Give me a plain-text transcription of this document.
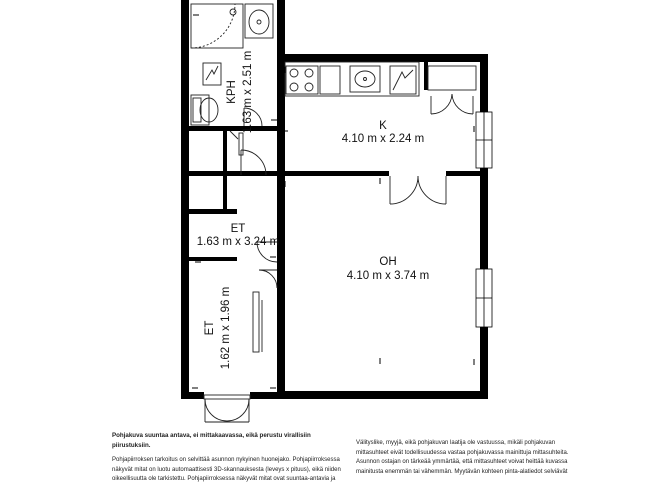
KPH 1.63 m x 2.51 m	K
4.10 m x 2.24 m
OH
4.10 m x 3.74 m
ET
1.63 m x 3.24 m
ET 1.62 m x 1.96 m

Pohjakuva suuntaa antava, ei mittakaavassa, eikä perustu virallisiin piirustuksiin.

Pohjapiirroksen tarkoitus on selvittää asunnon nykyinen huonejako. Pohjapiirroksessa

näkyvät mitat on luotu automaattisesti 3D-skannauksesta (leveys x pituus), eikä niiden

oikeellisuutta ole tarkistettu. Pohjapiirroksessa näkyvät mitat ovat suuntaa-antavia ja

Välityslike, myyjä, eikä pohjakuvan laatija ole vastuussa, mikäli pohjakuvan

mittasuhteet eivät todellisuudessa vastaa pohjakuvassa mainittuja mittasuhteita.

Asunnon ostajan on tärkeää ymmärtää, että mittasuhteet voivat heittää kuvassa

mainitusta enemmän tai vähemmän. Myytävän kohteen pinta-alatiedot selviävät
